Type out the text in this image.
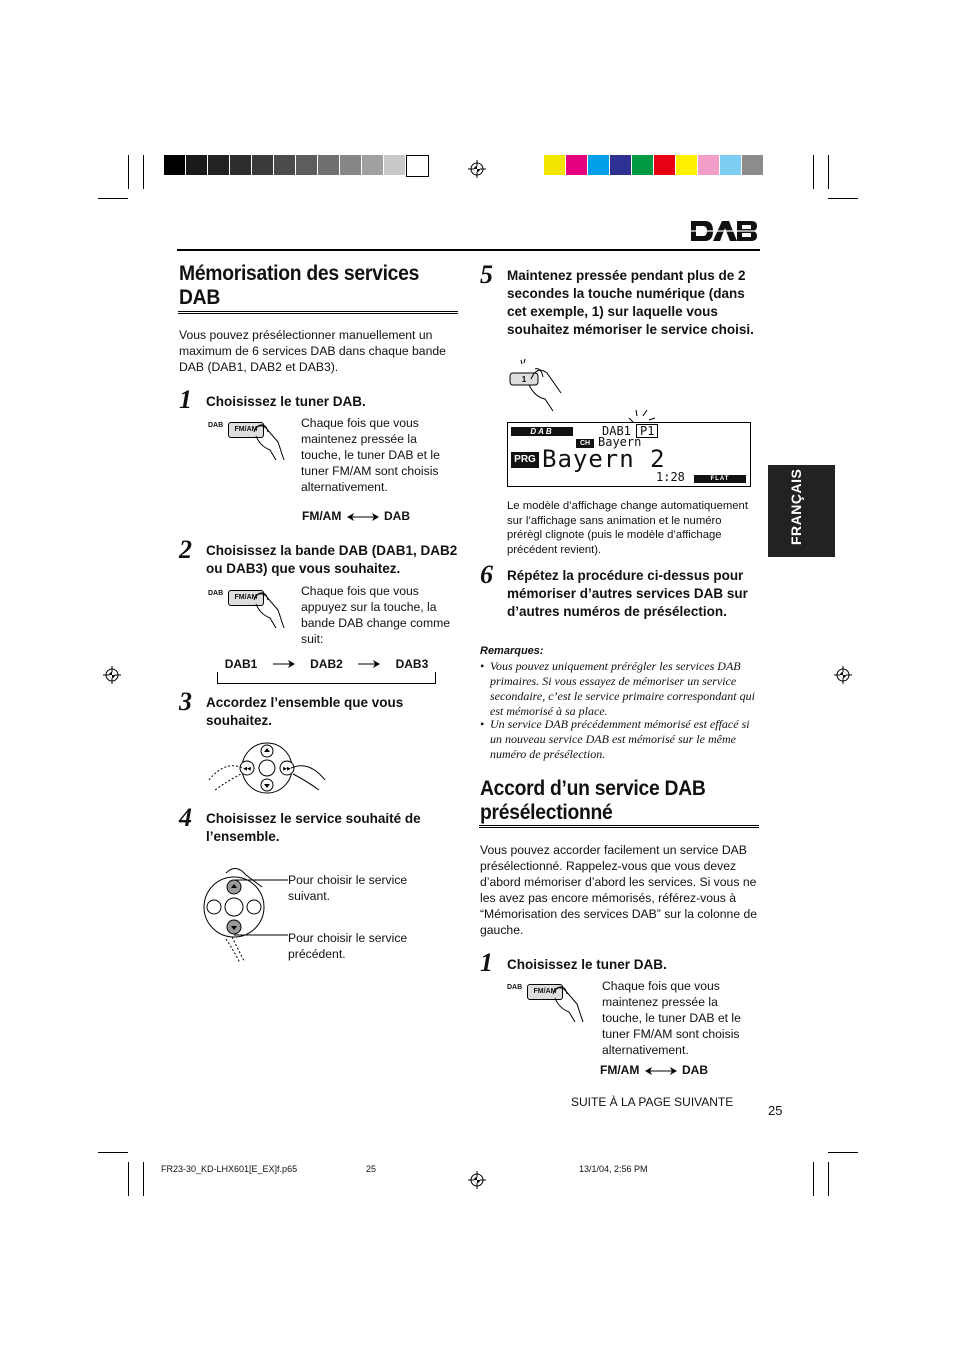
FRANÇAIS
Mémorisation des services DAB
Vous pouvez présélectionner manuellement un maximum de 6 services DAB dans chaque bande DAB (DAB1, DAB2 et DAB3).
1 Choisissez le tuner DAB.
DAB
FM/AM	Chaque fois que vous maintenez pressée la touche, le tuner DAB et le tuner FM/AM sont choisis alternativement.
FM/AM	DAB
2 Choisissez la bande DAB (DAB1, DAB2 ou DAB3) que vous souhaitez.
DAB
FM/AM	Chaque fois que vous appuyez sur la touche, la bande DAB change comme suit:
DAB1	DAB2	DAB3
3 Accordez l’ensemble que vous souhaitez.
◀◀	▶▶
4 Choisissez le service souhaité de l’ensemble.
Pour choisir le service suivant.
Pour choisir le service précédent.
5 Maintenez pressée pendant plus de 2 secondes la touche numérique (dans cet exemple, 1) sur laquelle vous souhaitez mémoriser le service choisi.
1
DAB
CH
DAB1 P1
Bayern
PRG Bayern 2
1:28	FLAT
Le modèle d’affichage change automatiquement sur l’affichage sans animation et le numéro prérègl clignote (puis le modèle d’affichage précédent revient).
6 Répétez la procédure ci-dessus pour mémoriser d’autres services DAB sur d’autres numéros de présélection.
Remarques:
• Vous pouvez uniquement prérégler les services DAB primaires. Si vous essayez de mémoriser un service secondaire, c’est le service primaire correspondant qui est mémorisé à sa place.
• Un service DAB précédemment mémorisé est effacé si un nouveau service DAB est mémorisé sur le même numéro de présélection.
Accord d’un service DAB présélectionné
Vous pouvez accorder facilement un service DAB présélectionné. Rappelez-vous que vous devez d’abord mémoriser d’abord les services. Si vous ne les avez pas encore mémorisés, référez-vous à “Mémorisation des services DAB” sur la colonne de gauche.
1 Choisissez le tuner DAB.
DAB
FM/AM	Chaque fois que vous maintenez pressée la touche, le tuner DAB et le tuner FM/AM sont choisis alternativement.
FM/AM	DAB
SUITE À LA PAGE SUIVANTE
25
FR23-30_KD-LHX601[E_EX]f.p65	25	13/1/04, 2:56 PM
